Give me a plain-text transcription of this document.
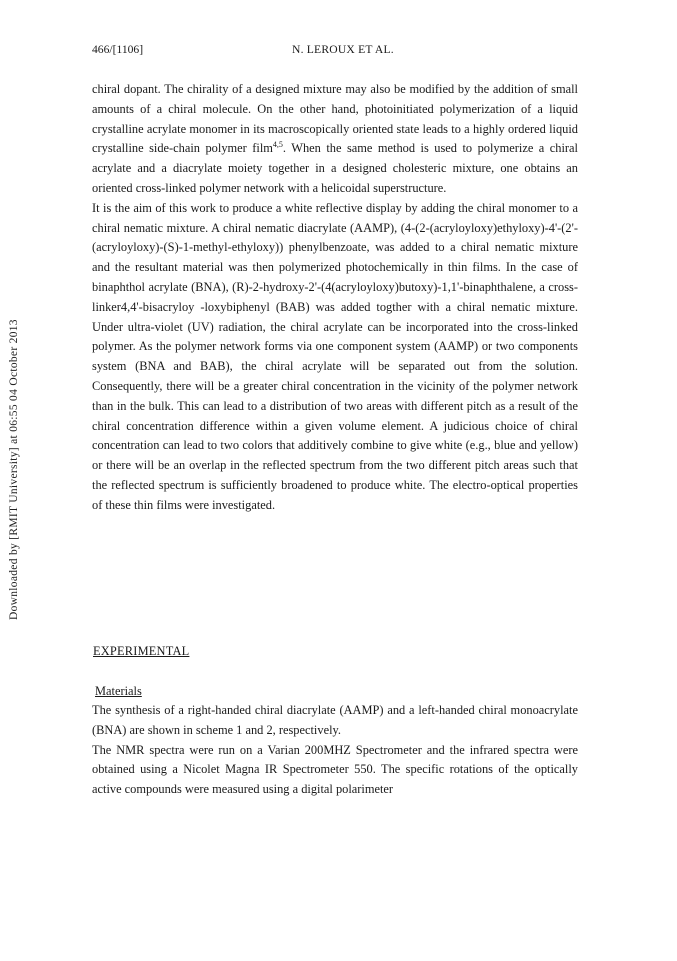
466/[1106]	N. LEROUX ET AL.
Downloaded by [RMIT University] at 06:55 04 October 2013

chiral dopant. The chirality of a designed mixture may also be modified by the addition of small amounts of a chiral molecule. On the other hand, photoinitiated polymerization of a liquid crystalline acrylate monomer in its macroscopically oriented state leads to a highly ordered liquid crystalline side-chain polymer film$^{4,5}$. When the same method is used to polymerize a chiral acrylate and a diacrylate moiety together in a designed cholesteric mixture, one obtains an oriented cross-linked polymer network with a helicoidal superstructure.

It is the aim of this work to produce a white reflective display by adding the chiral monomer to a chiral nematic mixture. A chiral nematic diacrylate (AAMP), (4-(2-(acryloyloxy)ethyloxy)-4'-(2'-(acryloyloxy)-(S)-1-methyl-ethyloxy)) phenylbenzoate, was added to a chiral nematic mixture and the resultant material was then polymerized photochemically in thin films. In the case of binaphthol acrylate (BNA), (R)-2-hydroxy-2'-(4(acryloyloxy)butoxy)-1,1'-binaphthalene, a cross-linker4,4'-bisacryloy -loxybiphenyl (BAB) was added togther with a chiral nematic mixture. Under ultra-violet (UV) radiation, the chiral acrylate can be incorporated into the cross-linked polymer. As the polymer network forms via one component system (AAMP) or two components system (BNA and BAB), the chiral acrylate will be separated out from the solution. Consequently, there will be a greater chiral concentration in the vicinity of the polymer network than in the bulk. This can lead to a distribution of two areas with different pitch as a result of the chiral concentration difference within a given volume element. A judicious choice of chiral concentration can lead to two colors that additively combine to give white (e.g., blue and yellow) or there will be an overlap in the reflected spectrum from the two different pitch areas such that the reflected spectrum is sufficiently broadened to produce white. The electro-optical properties of these thin films were investigated.

EXPERIMENTAL
Materials

The synthesis of a right-handed chiral diacrylate (AAMP) and a left-handed chiral monoacrylate (BNA) are shown in scheme 1 and 2, respectively.

The NMR spectra were run on a Varian 200MHZ Spectrometer and the infrared spectra were obtained using a Nicolet Magna IR Spectrometer 550. The specific rotations of the optically active compounds were measured using a digital polarimeter
